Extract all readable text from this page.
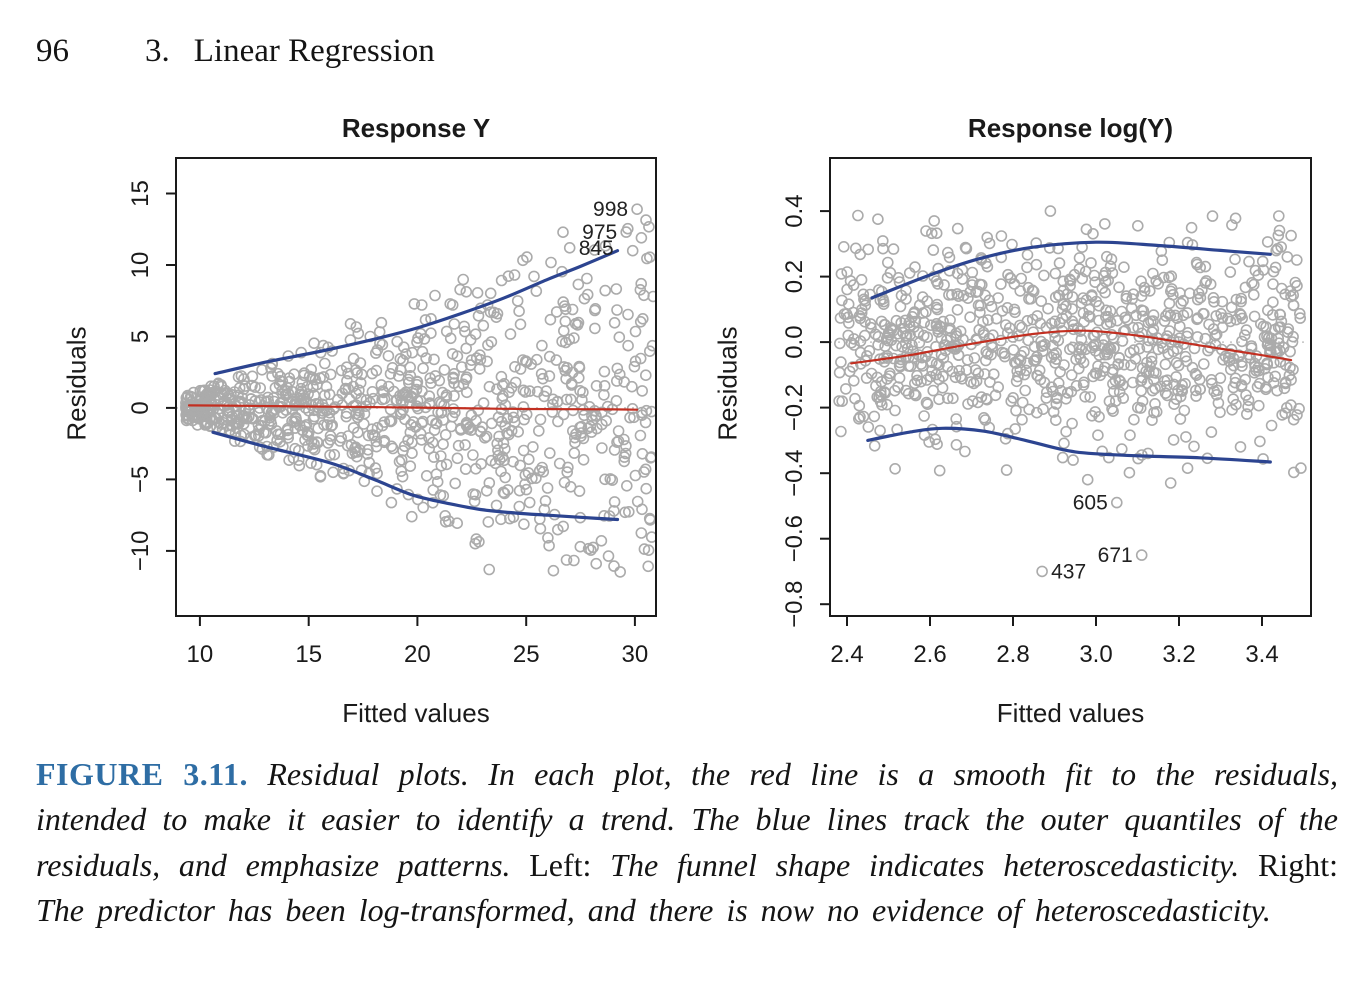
96 3. Linear Regression
Response Y
998
975
845
10	15	20	25	30
−10
−5
0
5
10
15
Residuals
Fitted values
Response log(Y)
605
671
437
2.4 2.6 2.8 3.0 3.2 3.4
−0.8
−0.6
−0.4
−0.2
0.0
0.2
0.4
Residuals
Fitted values

FIGURE 3.11. Residual plots. In each plot, the red line is a smooth fit to the residuals, intended to make it easier to identify a trend. The blue lines track the outer quantiles of the residuals, and emphasize patterns. Left: The funnel shape indicates heteroscedasticity. Right: The predictor has been log-transformed, and there is now no evidence of heteroscedasticity.
